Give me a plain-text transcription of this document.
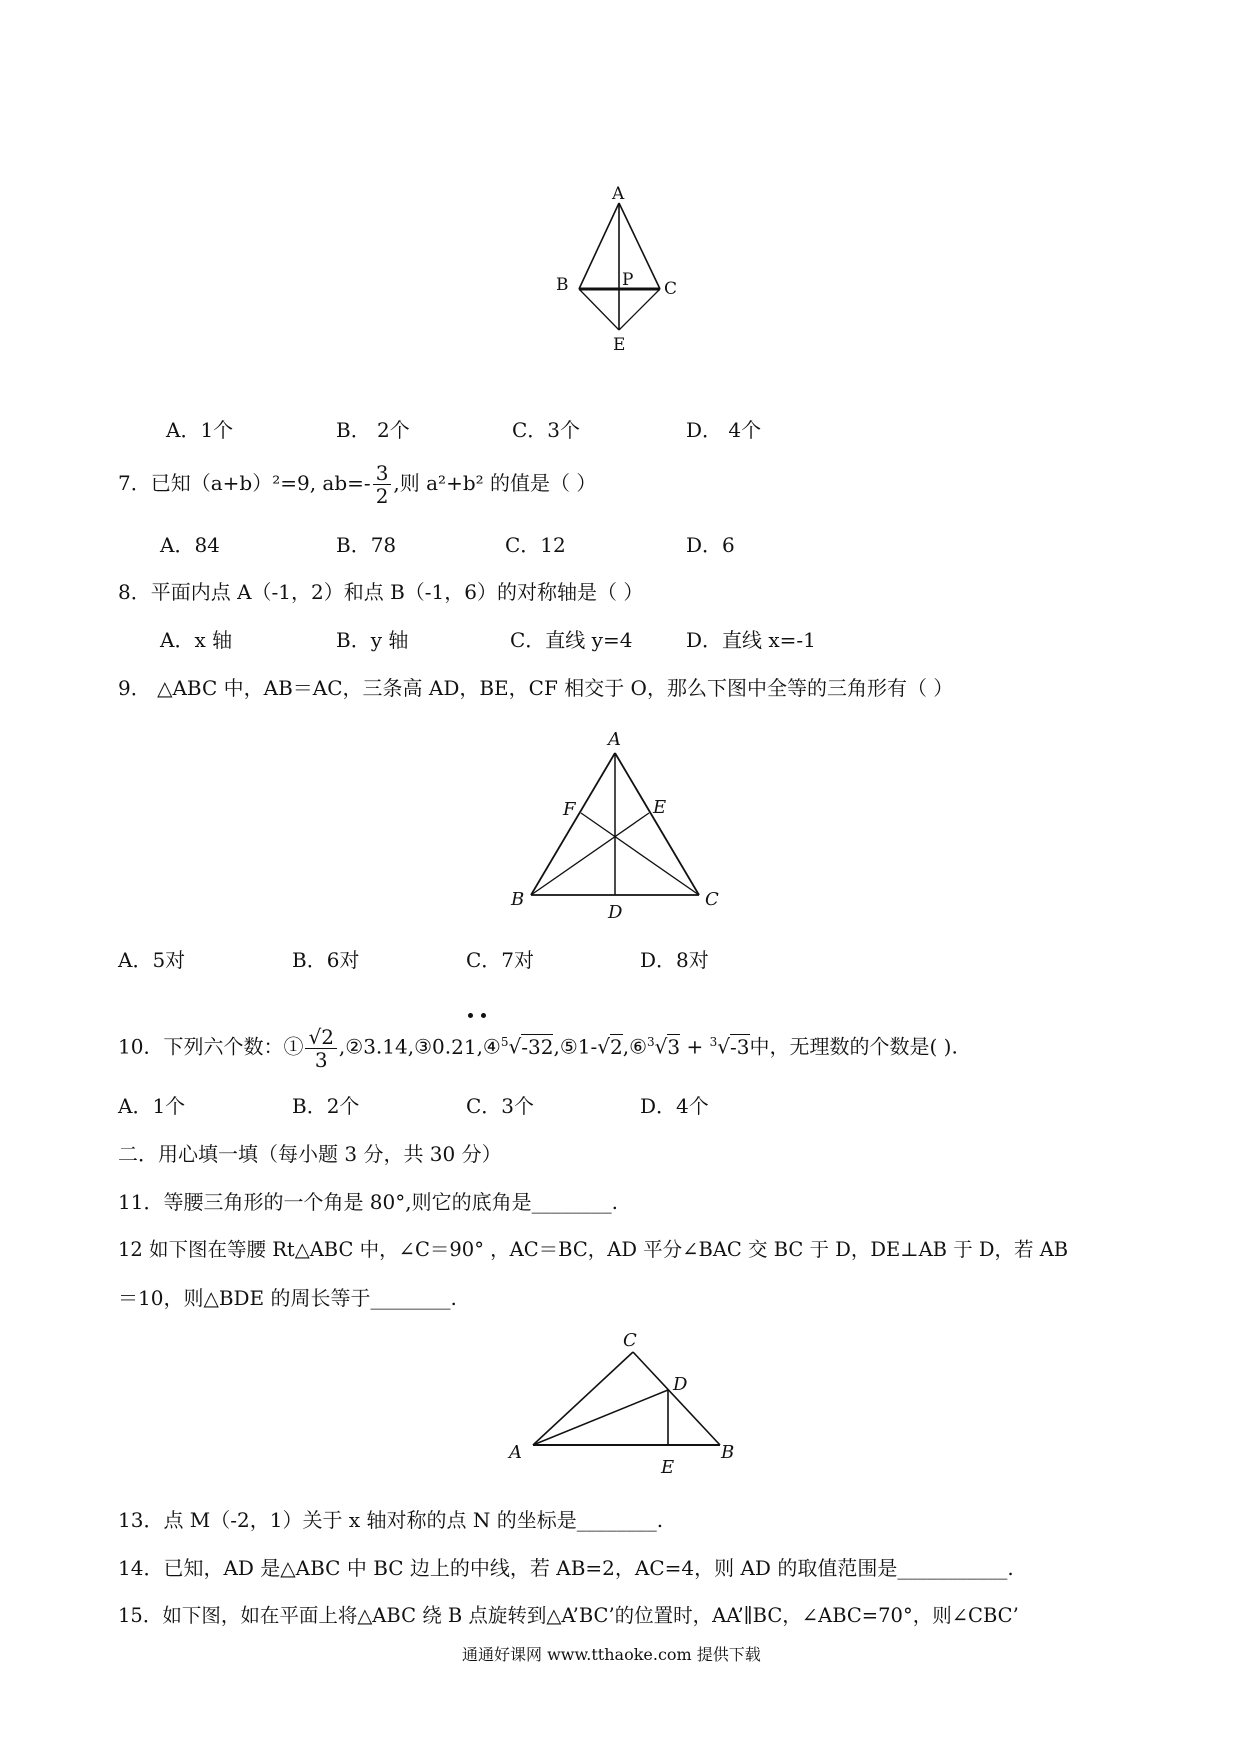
A
B	P C
E
A．1个	B． 2个	C．3个	D． 4个
7．已知（a+b）²=9, $ab=- \frac{3}{2}$ ,则 a²+b² 的值是（ ）
A．84	B．78	C．12	D．6
8．平面内点 A（-1，2）和点 B（-1，6）的对称轴是（ ）
A．x 轴	B．y 轴	C．直线 y=4	D．直线 x=-1
9． △ABC 中，AB＝AC，三条高 AD，BE，CF 相交于 O，那么下图中全等的三角形有（ ）
A
F	E
B
D
C
A．5对	B．6对	C．7对	D．8对
10．下列六个数：① $\frac{√2}{3}$ ,②3.14,③0.21,④$^5$√-32,⑤1-√2,⑥$^3$√3 + $^3$√-3中，无理数的个数是( ).
A．1个	B．2个	C．3个	D．4个
二．用心填一填（每小题 3 分，共 30 分）
11．等腰三角形的一个角是 80°,则它的底角是________.
12 如下图在等腰 Rt△ABC 中，∠C＝90° ，AC＝BC，AD 平分∠BAC 交 BC 于 D，DE⊥AB 于 D，若 AB
＝10，则△BDE 的周长等于________.
C
D
A
E
B
13．点 M（-2，1）关于 x 轴对称的点 N 的坐标是________.
14．已知，AD 是△ABC 中 BC 边上的中线，若 AB=2，AC=4，则 AD 的取值范围是___________.
15．如下图，如在平面上将△ABC 绕 B 点旋转到△A’BC’的位置时，AA’∥BC，∠ABC=70°，则∠CBC’
通通好课网 www.tthaoke.com 提供下载
